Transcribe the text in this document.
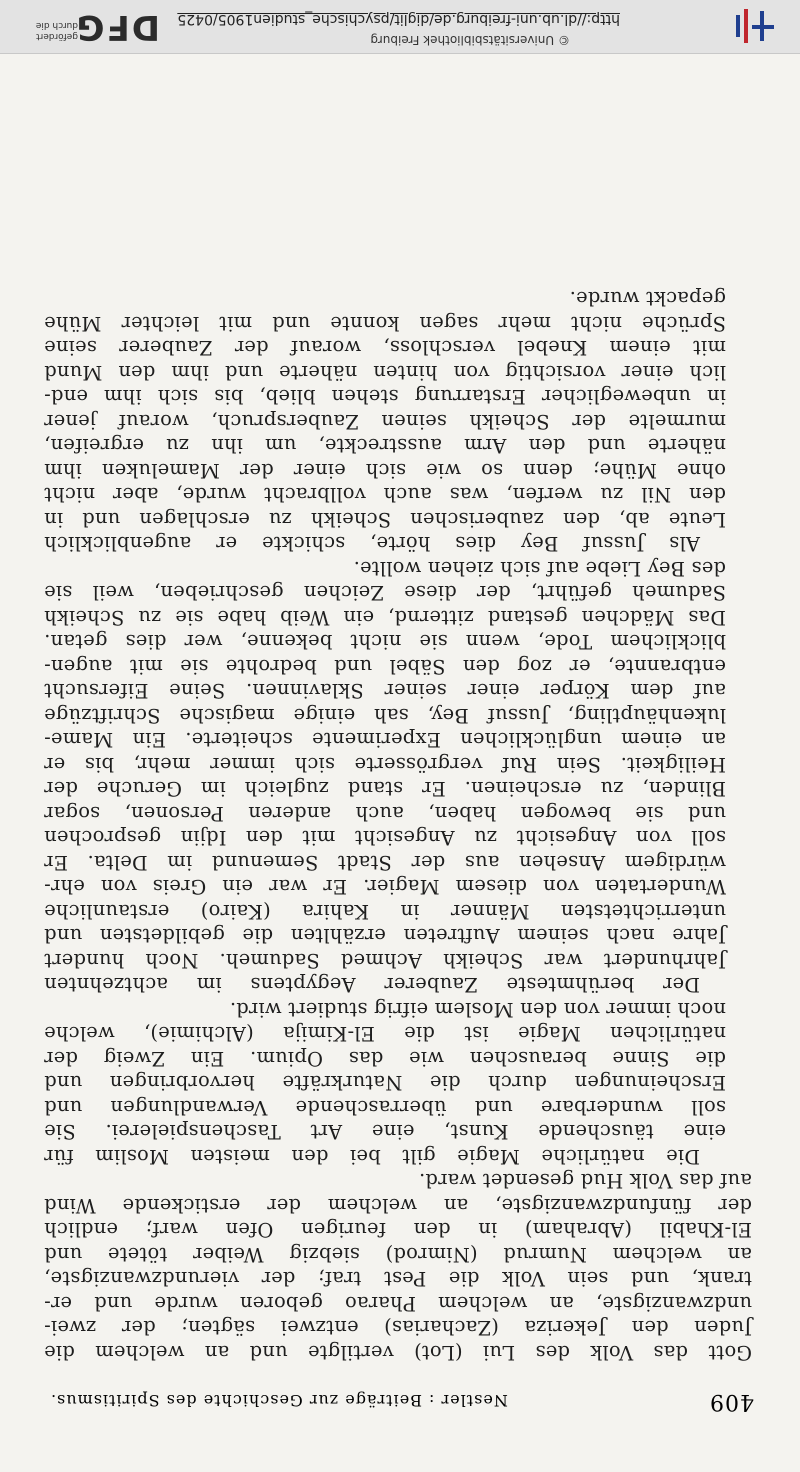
409
Nestler : Beiträge zur Geschichte des Spiritismus.

Gott das Volk des Lui (Lot) vertilgte und an welchem die
Juden den Jekeriza (Zacharias) entzwei sägten; der zwei-
undzwanzigste, an welchem Pharao geboren wurde und er-
trank, und sein Volk die Pest traf; der vierundzwanzigste,
an welchem Numrud (Nimrod) siebzig Weiber tötete und
El-Khabil (Abraham) in den feurigen Ofen warf; endlich
der fünfundzwanzigste, an welchem der erstickende Wind
auf das Volk Hud gesendet ward.

Die natürliche Magie gilt bei den meisten Moslim für
eine täuschende Kunst, eine Art Taschenspielerei. Sie
soll wunderbare und überraschende Verwandlungen und
Erscheinungen durch die Naturkräfte hervorbringen und
die Sinne berauschen wie das Opium. Ein Zweig der
natürlichen Magie ist die El-Kimija (Alchimie), welche
noch immer von den Moslem eifrig studiert wird.

Der berühmteste Zauberer Aegyptens im achtzehnten
Jahrhundert war Scheikh Achmed Sadumeh. Noch hundert
Jahre nach seinem Auftreten erzählten die gebildetsten und
unterrichtetsten Männer in Kahira (Kairo) erstaunliche
Wundertaten von diesem Magier. Er war ein Greis von ehr-
würdigem Ansehen aus der Stadt Semenund im Delta. Er
soll von Angesicht zu Angesicht mit den Idjin gesprochen
und sie bewogen haben, auch anderen Personen, sogar
Blinden, zu erscheinen. Er stand zugleich im Geruche der
Heiligkeit. Sein Ruf vergrösserte sich immer mehr, bis er
an einem unglücklichen Experimente scheiterte. Ein Mame-
lukenhäuptling, Jussuf Bey, sah einige magische Schriftzüge
auf dem Körper einer seiner Sklavinnen. Seine Eifersucht
entbrannte, er zog den Säbel und bedrohte sie mit augen-
blicklichem Tode, wenn sie nicht bekenne, wer dies getan.
Das Mädchen gestand zitternd, ein Weib habe sie zu Scheikh
Sadumeh geführt, der diese Zeichen geschrieben, weil sie
des Bey Liebe auf sich ziehen wollte.

Als Jussuf Bey dies hörte, schickte er augenblicklich
Leute ab, den zauberischen Scheikh zu erschlagen und in
den Nil zu werfen, was auch vollbracht wurde, aber nicht
ohne Mühe; denn so wie sich einer der Mameluken ihm
näherte und den Arm ausstreckte, um ihn zu ergreifen,
murmelte der Scheikh seinen Zauberspruch, worauf jener
in unbeweglicher Erstarrung stehen blieb, bis sich ihm end-
lich einer vorsichtig von hinten näherte und ihm den Mund
mit einem Knebel verschloss, worauf der Zauberer seine
Sprüche nicht mehr sagen konnte und mit leichter Mühe
gepackt wurde.

http://dl.ub.uni-freiburg.de/diglit/psychische_studien1905/0425
© Universitätsbibliothek Freiburg
gefördert durch die
DFG
